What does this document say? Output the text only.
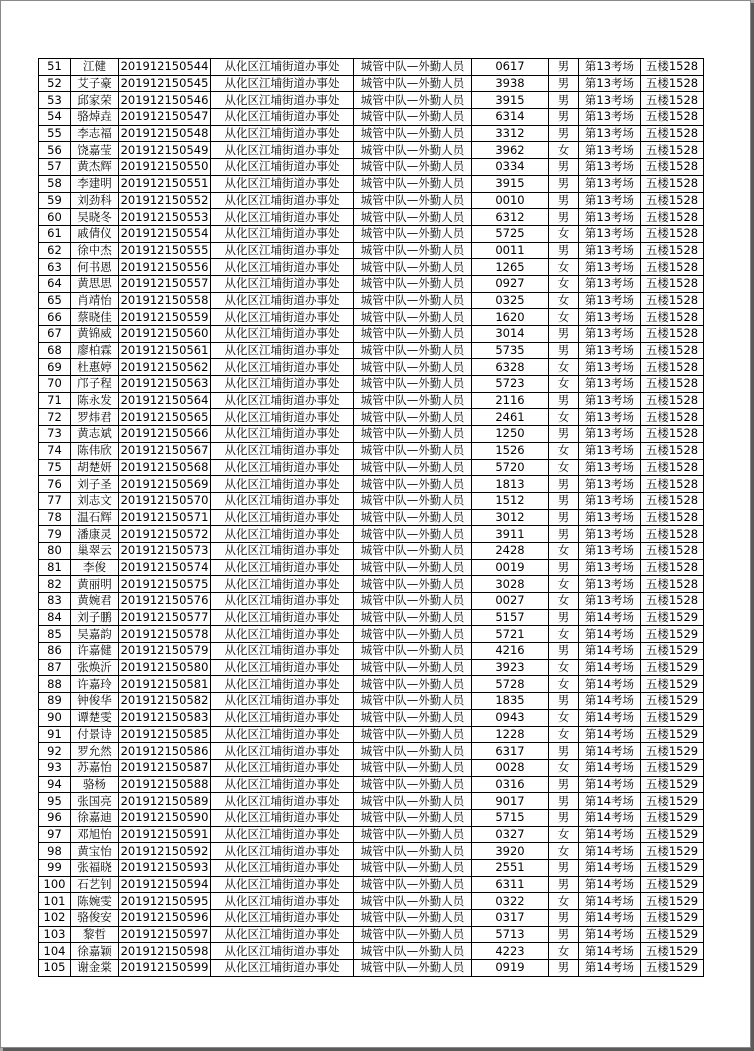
51	江健	201912150544	从化区江埔街道办事处	城管中队—外勤人员	0617	男	第13考场	五楼1528
52	艾子豪	201912150545	从化区江埔街道办事处	城管中队—外勤人员	3938	男	第13考场	五楼1528
53	邱家荣	201912150546	从化区江埔街道办事处	城管中队—外勤人员	3915	男	第13考场	五楼1528
54	骆焯垚	201912150547	从化区江埔街道办事处	城管中队—外勤人员	6314	男	第13考场	五楼1528
55	李志福	201912150548	从化区江埔街道办事处	城管中队—外勤人员	3312	男	第13考场	五楼1528
56	饶嘉莹	201912150549	从化区江埔街道办事处	城管中队—外勤人员	3962	女	第13考场	五楼1528
57	黄杰辉	201912150550	从化区江埔街道办事处	城管中队—外勤人员	0334	男	第13考场	五楼1528
58	李建明	201912150551	从化区江埔街道办事处	城管中队—外勤人员	3915	男	第13考场	五楼1528
59	刘劲科	201912150552	从化区江埔街道办事处	城管中队—外勤人员	0010	男	第13考场	五楼1528
60	吴晓冬	201912150553	从化区江埔街道办事处	城管中队—外勤人员	6312	男	第13考场	五楼1528
61	戚倩仪	201912150554	从化区江埔街道办事处	城管中队—外勤人员	5725	女	第13考场	五楼1528
62	徐中杰	201912150555	从化区江埔街道办事处	城管中队—外勤人员	0011	男	第13考场	五楼1528
63	何书恩	201912150556	从化区江埔街道办事处	城管中队—外勤人员	1265	女	第13考场	五楼1528
64	黄思思	201912150557	从化区江埔街道办事处	城管中队—外勤人员	0927	女	第13考场	五楼1528
65	肖靖怡	201912150558	从化区江埔街道办事处	城管中队—外勤人员	0325	女	第13考场	五楼1528
66	蔡晓佳	201912150559	从化区江埔街道办事处	城管中队—外勤人员	1620	女	第13考场	五楼1528
67	黄锦威	201912150560	从化区江埔街道办事处	城管中队—外勤人员	3014	男	第13考场	五楼1528
68	廖柏霖	201912150561	从化区江埔街道办事处	城管中队—外勤人员	5735	男	第13考场	五楼1528
69	杜惠婷	201912150562	从化区江埔街道办事处	城管中队—外勤人员	6328	女	第13考场	五楼1528
70	邝子程	201912150563	从化区江埔街道办事处	城管中队—外勤人员	5723	女	第13考场	五楼1528
71	陈永发	201912150564	从化区江埔街道办事处	城管中队—外勤人员	2116	男	第13考场	五楼1528
72	罗炜君	201912150565	从化区江埔街道办事处	城管中队—外勤人员	2461	女	第13考场	五楼1528
73	黄志斌	201912150566	从化区江埔街道办事处	城管中队—外勤人员	1250	男	第13考场	五楼1528
74	陈伟欣	201912150567	从化区江埔街道办事处	城管中队—外勤人员	1526	女	第13考场	五楼1528
75	胡楚妍	201912150568	从化区江埔街道办事处	城管中队—外勤人员	5720	女	第13考场	五楼1528
76	刘子圣	201912150569	从化区江埔街道办事处	城管中队—外勤人员	1813	男	第13考场	五楼1528
77	刘志文	201912150570	从化区江埔街道办事处	城管中队—外勤人员	1512	男	第13考场	五楼1528
78	温石辉	201912150571	从化区江埔街道办事处	城管中队—外勤人员	3012	男	第13考场	五楼1528
79	潘康灵	201912150572	从化区江埔街道办事处	城管中队—外勤人员	3911	男	第13考场	五楼1528
80	巢翠云	201912150573	从化区江埔街道办事处	城管中队—外勤人员	2428	女	第13考场	五楼1528
81	李俊	201912150574	从化区江埔街道办事处	城管中队—外勤人员	0019	男	第13考场	五楼1528
82	黄丽明	201912150575	从化区江埔街道办事处	城管中队—外勤人员	3028	女	第13考场	五楼1528
83	黄婉君	201912150576	从化区江埔街道办事处	城管中队—外勤人员	0027	女	第13考场	五楼1528
84	刘子鹏	201912150577	从化区江埔街道办事处	城管中队—外勤人员	5157	男	第14考场	五楼1529
85	吴嘉韵	201912150578	从化区江埔街道办事处	城管中队—外勤人员	5721	女	第14考场	五楼1529
86	许嘉健	201912150579	从化区江埔街道办事处	城管中队—外勤人员	4216	男	第14考场	五楼1529
87	张焕沂	201912150580	从化区江埔街道办事处	城管中队—外勤人员	3923	女	第14考场	五楼1529
88	许嘉玲	201912150581	从化区江埔街道办事处	城管中队—外勤人员	5728	女	第14考场	五楼1529
89	钟俊华	201912150582	从化区江埔街道办事处	城管中队—外勤人员	1835	男	第14考场	五楼1529
90	谭楚雯	201912150583	从化区江埔街道办事处	城管中队—外勤人员	0943	女	第14考场	五楼1529
91	付景诗	201912150585	从化区江埔街道办事处	城管中队—外勤人员	1228	女	第14考场	五楼1529
92	罗允然	201912150586	从化区江埔街道办事处	城管中队—外勤人员	6317	男	第14考场	五楼1529
93	苏嘉怡	201912150587	从化区江埔街道办事处	城管中队—外勤人员	0028	女	第14考场	五楼1529
94	骆杨	201912150588	从化区江埔街道办事处	城管中队—外勤人员	0316	男	第14考场	五楼1529
95	张国亮	201912150589	从化区江埔街道办事处	城管中队—外勤人员	9017	男	第14考场	五楼1529
96	徐嘉迪	201912150590	从化区江埔街道办事处	城管中队—外勤人员	5715	男	第14考场	五楼1529
97	邓旭怡	201912150591	从化区江埔街道办事处	城管中队—外勤人员	0327	女	第14考场	五楼1529
98	黄宝怡	201912150592	从化区江埔街道办事处	城管中队—外勤人员	3920	女	第14考场	五楼1529
99	张福晓	201912150593	从化区江埔街道办事处	城管中队—外勤人员	2551	男	第14考场	五楼1529
100	石艺钊	201912150594	从化区江埔街道办事处	城管中队—外勤人员	6311	男	第14考场	五楼1529
101	陈婉雯	201912150595	从化区江埔街道办事处	城管中队—外勤人员	0322	女	第14考场	五楼1529
102	骆俊安	201912150596	从化区江埔街道办事处	城管中队—外勤人员	0317	男	第14考场	五楼1529
103	黎哲	201912150597	从化区江埔街道办事处	城管中队—外勤人员	5713	男	第14考场	五楼1529
104	徐嘉颖	201912150598	从化区江埔街道办事处	城管中队—外勤人员	4223	女	第14考场	五楼1529
105	谢金棠	201912150599	从化区江埔街道办事处	城管中队—外勤人员	0919	男	第14考场	五楼1529
